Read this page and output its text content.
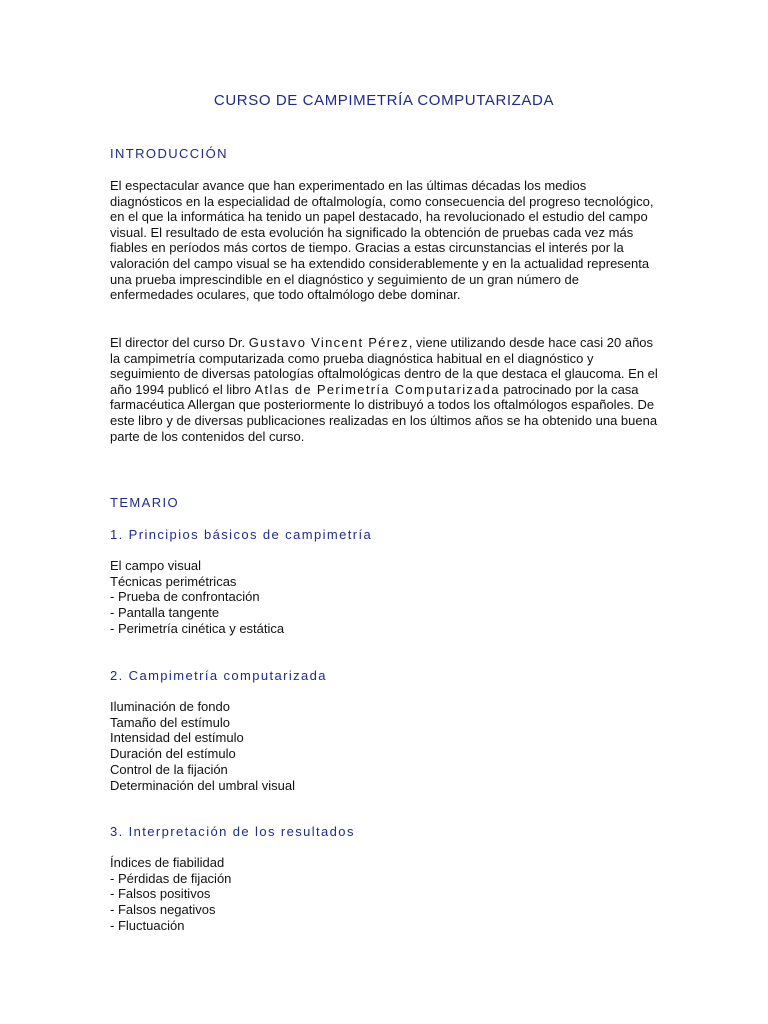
CURSO DE CAMPIMETRÍA COMPUTARIZADA
INTRODUCCIÓN

El espectacular avance que han experimentado en las últimas décadas los medios diagnósticos en la especialidad de oftalmología, como consecuencia del progreso tecnológico, en el que la informática ha tenido un papel destacado, ha revolucionado el estudio del campo visual. El resultado de esta evolución ha significado la obtención de pruebas cada vez más fiables en períodos más cortos de tiempo. Gracias a estas circunstancias el interés por la valoración del campo visual se ha extendido considerablemente y en la actualidad representa una prueba imprescindible en el diagnóstico y seguimiento de un gran número de enfermedades oculares, que todo oftalmólogo debe dominar.

El director del curso Dr. Gustavo Vincent Pérez, viene utilizando desde hace casi 20 años la campimetría computarizada como prueba diagnóstica habitual en el diagnóstico y seguimiento de diversas patologías oftalmológicas dentro de la que destaca el glaucoma. En el año 1994 publicó el libro Atlas de Perimetría Computarizada patrocinado por la casa farmacéutica Allergan que posteriormente lo distribuyó a todos los oftalmólogos españoles. De este libro y de diversas publicaciones realizadas en los últimos años se ha obtenido una buena parte de los contenidos del curso.

TEMARIO
1. Principios básicos de campimetría
El campo visual
Técnicas perimétricas
- Prueba de confrontación
- Pantalla tangente
- Perimetría cinética y estática
2. Campimetría computarizada
Iluminación de fondo
Tamaño del estímulo
Intensidad del estímulo
Duración del estímulo
Control de la fijación
Determinación del umbral visual
3. Interpretación de los resultados
Índices de fiabilidad
- Pérdidas de fijación
- Falsos positivos
- Falsos negativos
- Fluctuación
